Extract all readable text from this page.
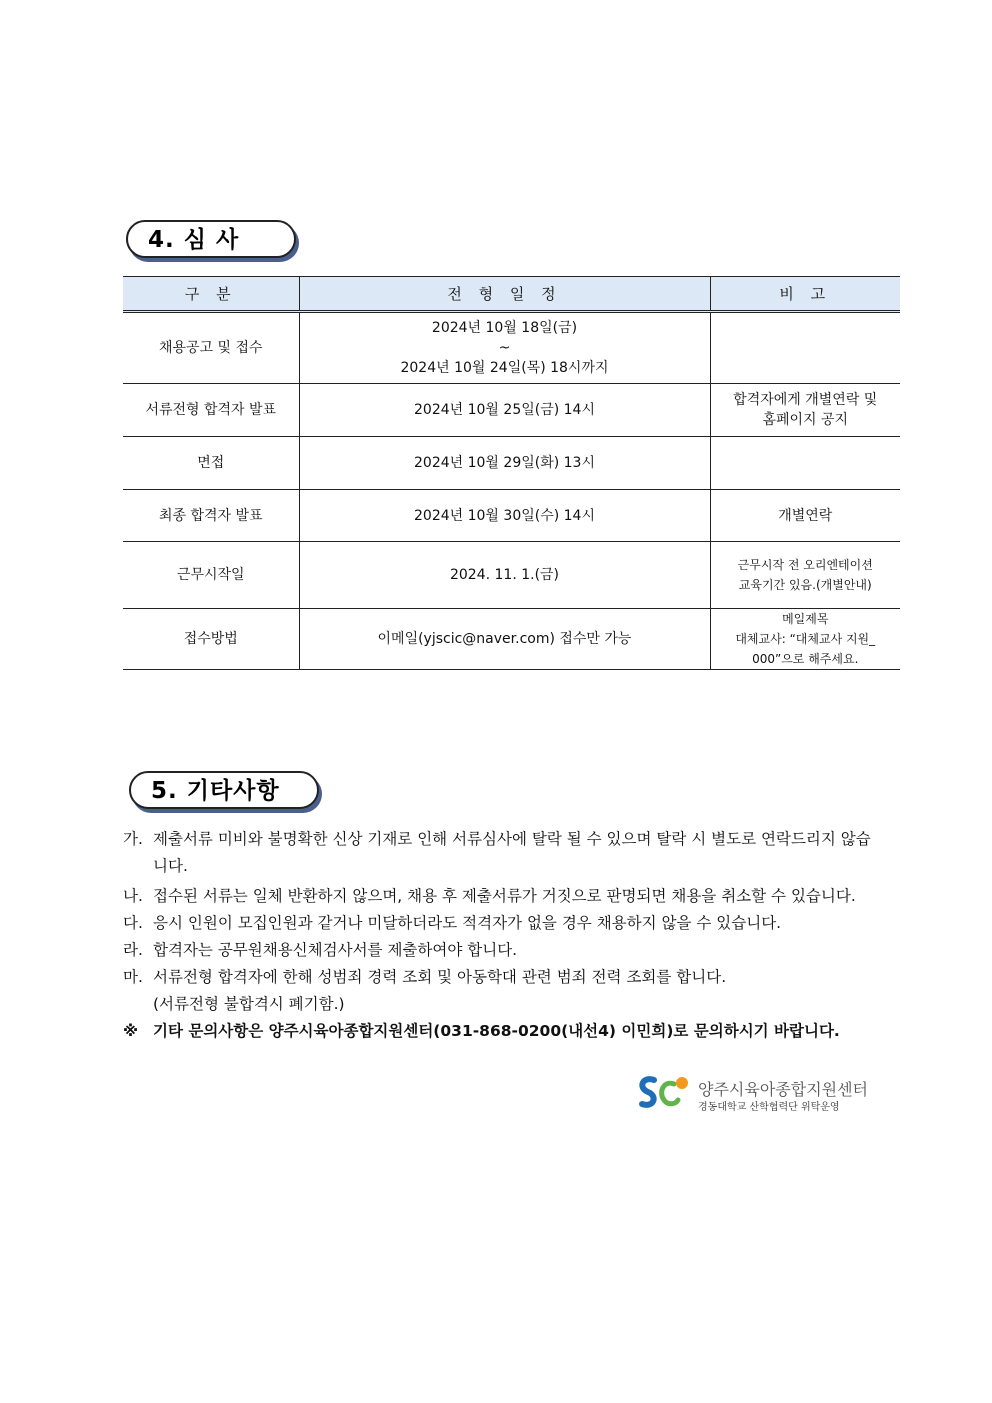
4. 심 사
구 분	전 형 일 정	비 고
채용공고 및 접수	2024년 10월 18일(금)
~
2024년 10월 24일(목) 18시까지	

서류전형 합격자 발표	2024년 10월 25일(금) 14시	합격자에게 개별연락 및
홈페이지 공지

면접	2024년 10월 29일(화) 13시	
최종 합격자 발표	2024년 10월 30일(수) 14시	개별연락
근무시작일	2024. 11. 1.(금)	근무시작 전 오리엔테이션
교육기간 있음.(개별안내)

접수방법	이메일(yjscic@naver.com) 접수만 가능	메일제목
대체교사: “대체교사 지원_
000”으로 해주세요.
5. 기타사항
가. 제출서류 미비와 불명확한 신상 기재로 인해 서류심사에 탈락 될 수 있으며 탈락 시 별도로 연락드리지 않습니다.
나. 접수된 서류는 일체 반환하지 않으며, 채용 후 제출서류가 거짓으로 판명되면 채용을 취소할 수 있습니다.
다. 응시 인원이 모집인원과 같거나 미달하더라도 적격자가 없을 경우 채용하지 않을 수 있습니다.
라. 합격자는 공무원채용신체검사서를 제출하여야 합니다.
마. 서류전형 합격자에 한해 성범죄 경력 조회 및 아동학대 관련 범죄 전력 조회를 합니다.
(서류전형 불합격시 폐기함.)
※ 기타 문의사항은 양주시육아종합지원센터(031-868-0200(내선4) 이민희)로 문의하시기 바랍니다.
양주시육아종합지원센터
경동대학교 산학협력단 위탁운영
